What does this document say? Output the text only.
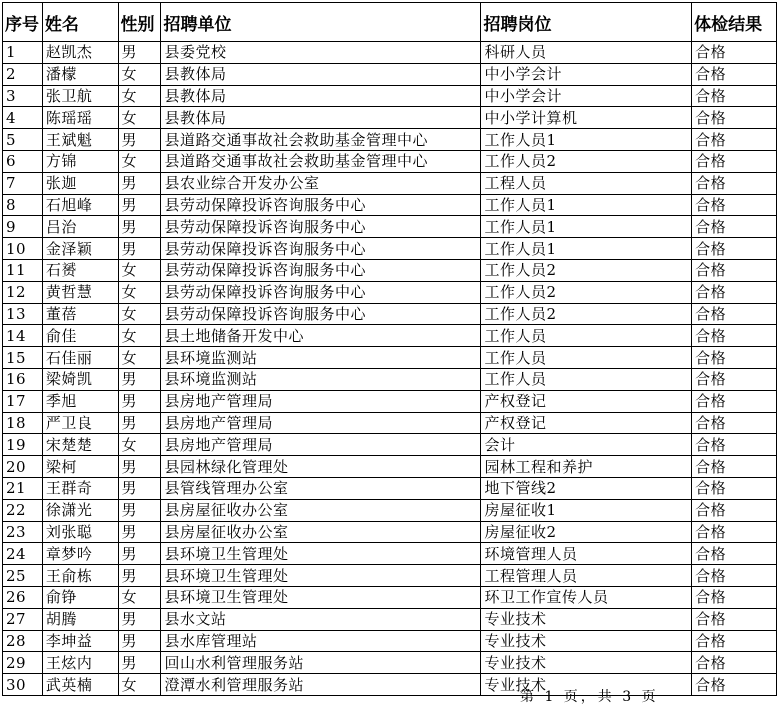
序号	姓名	性别	招聘单位	招聘岗位	体检结果
1	赵凯杰	男	县委党校	科研人员	合格
2	潘檬	女	县教体局	中小学会计	合格
3	张卫航	女	县教体局	中小学会计	合格
4	陈瑶瑶	女	县教体局	中小学计算机	合格
5	王斌魁	男	县道路交通事故社会救助基金管理中心	工作人员1	合格
6	方锦	女	县道路交通事故社会救助基金管理中心	工作人员2	合格
7	张迦	男	县农业综合开发办公室	工程人员	合格
8	石旭峰	男	县劳动保障投诉咨询服务中心	工作人员1	合格
9	吕治	男	县劳动保障投诉咨询服务中心	工作人员1	合格
10	金泽颖	男	县劳动保障投诉咨询服务中心	工作人员1	合格
11	石赟	女	县劳动保障投诉咨询服务中心	工作人员2	合格
12	黄哲慧	女	县劳动保障投诉咨询服务中心	工作人员2	合格
13	董蓓	女	县劳动保障投诉咨询服务中心	工作人员2	合格
14	俞佳	女	县土地储备开发中心	工作人员	合格
15	石佳丽	女	县环境监测站	工作人员	合格
16	梁婍凯	男	县环境监测站	工作人员	合格
17	季旭	男	县房地产管理局	产权登记	合格
18	严卫良	男	县房地产管理局	产权登记	合格
19	宋楚楚	女	县房地产管理局	会计	合格
20	梁柯	男	县园林绿化管理处	园林工程和养护	合格
21	王群奇	男	县管线管理办公室	地下管线2	合格
22	徐潇光	男	县房屋征收办公室	房屋征收1	合格
23	刘张聪	男	县房屋征收办公室	房屋征收2	合格
24	章梦吟	男	县环境卫生管理处	环境管理人员	合格
25	王俞栋	男	县环境卫生管理处	工程管理人员	合格
26	俞铮	女	县环境卫生管理处	环卫工作宣传人员	合格
27	胡腾	男	县水文站	专业技术	合格
28	李坤益	男	县水库管理站	专业技术	合格
29	王炫内	男	回山水利管理服务站	专业技术	合格
30	武英楠	女	澄潭水利管理服务站	专业技术	合格
第 1 页，共 3 页
